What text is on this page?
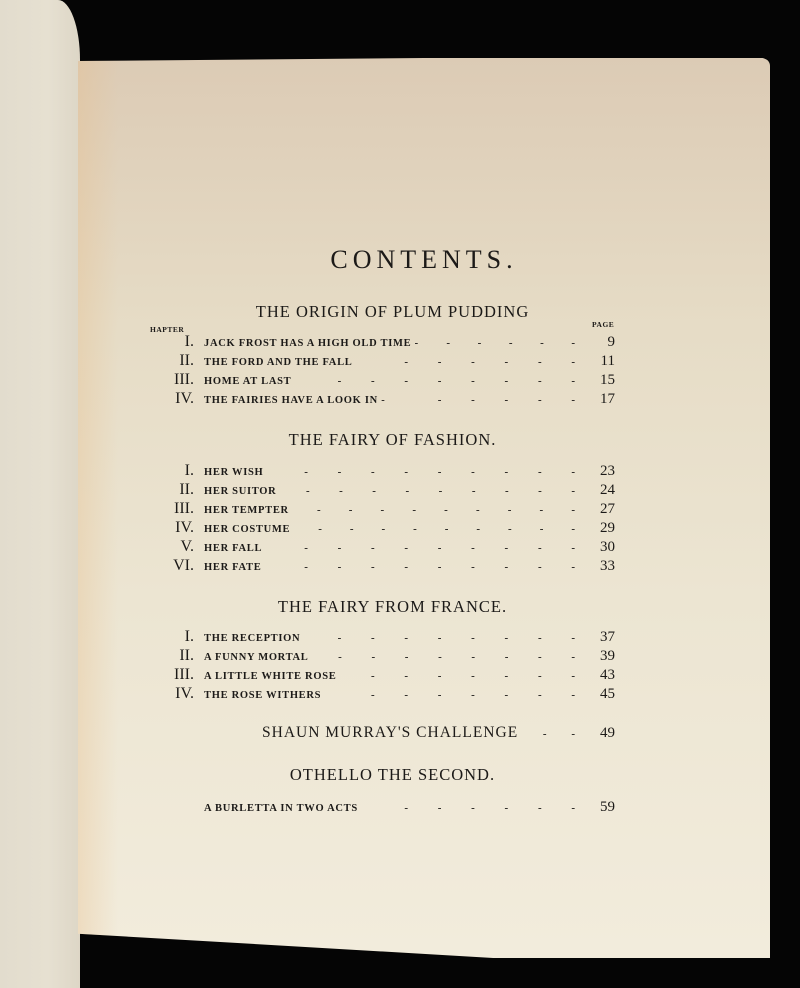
CONTENTS.
THE ORIGIN OF PLUM PUDDING
HAPTER
PAGE
I. JACK FROST HAS A HIGH OLD TIME -	-	-	-	-	-	9
II. THE FORD AND THE FALL	-	-	-	-	-	-	11
III. HOME AT LAST	-	-	-	-	-	-	-	-	15
IV. THE FAIRIES HAVE A LOOK IN -	-	-	-	-	-	17
THE FAIRY OF FASHION.
I. HER WISH	-	-	-	-	-	-	-	-	-	23
II. HER SUITOR	-	-	-	-	-	-	-	-	-	24
III. HER TEMPTER	-	-	-	-	-	-	-	-	-	27
IV. HER COSTUME	-	-	-	-	-	-	-	-	-	29
V. HER FALL	-	-	-	-	-	-	-	-	-	30
VI. HER FATE	-	-	-	-	-	-	-	-	-	33
THE FAIRY FROM FRANCE.
I. THE RECEPTION	-	-	-	-	-	-	-	-	37
II. A FUNNY MORTAL	-	-	-	-	-	-	-	-	39
III. A LITTLE WHITE ROSE	-	-	-	-	-	-	-	43
IV. THE ROSE WITHERS	-	-	-	-	-	-	-	45
SHAUN MURRAY'S CHALLENGE	-	-	49
OTHELLO THE SECOND.
A BURLETTA IN TWO ACTS	-	-	-	-	-	-	59
